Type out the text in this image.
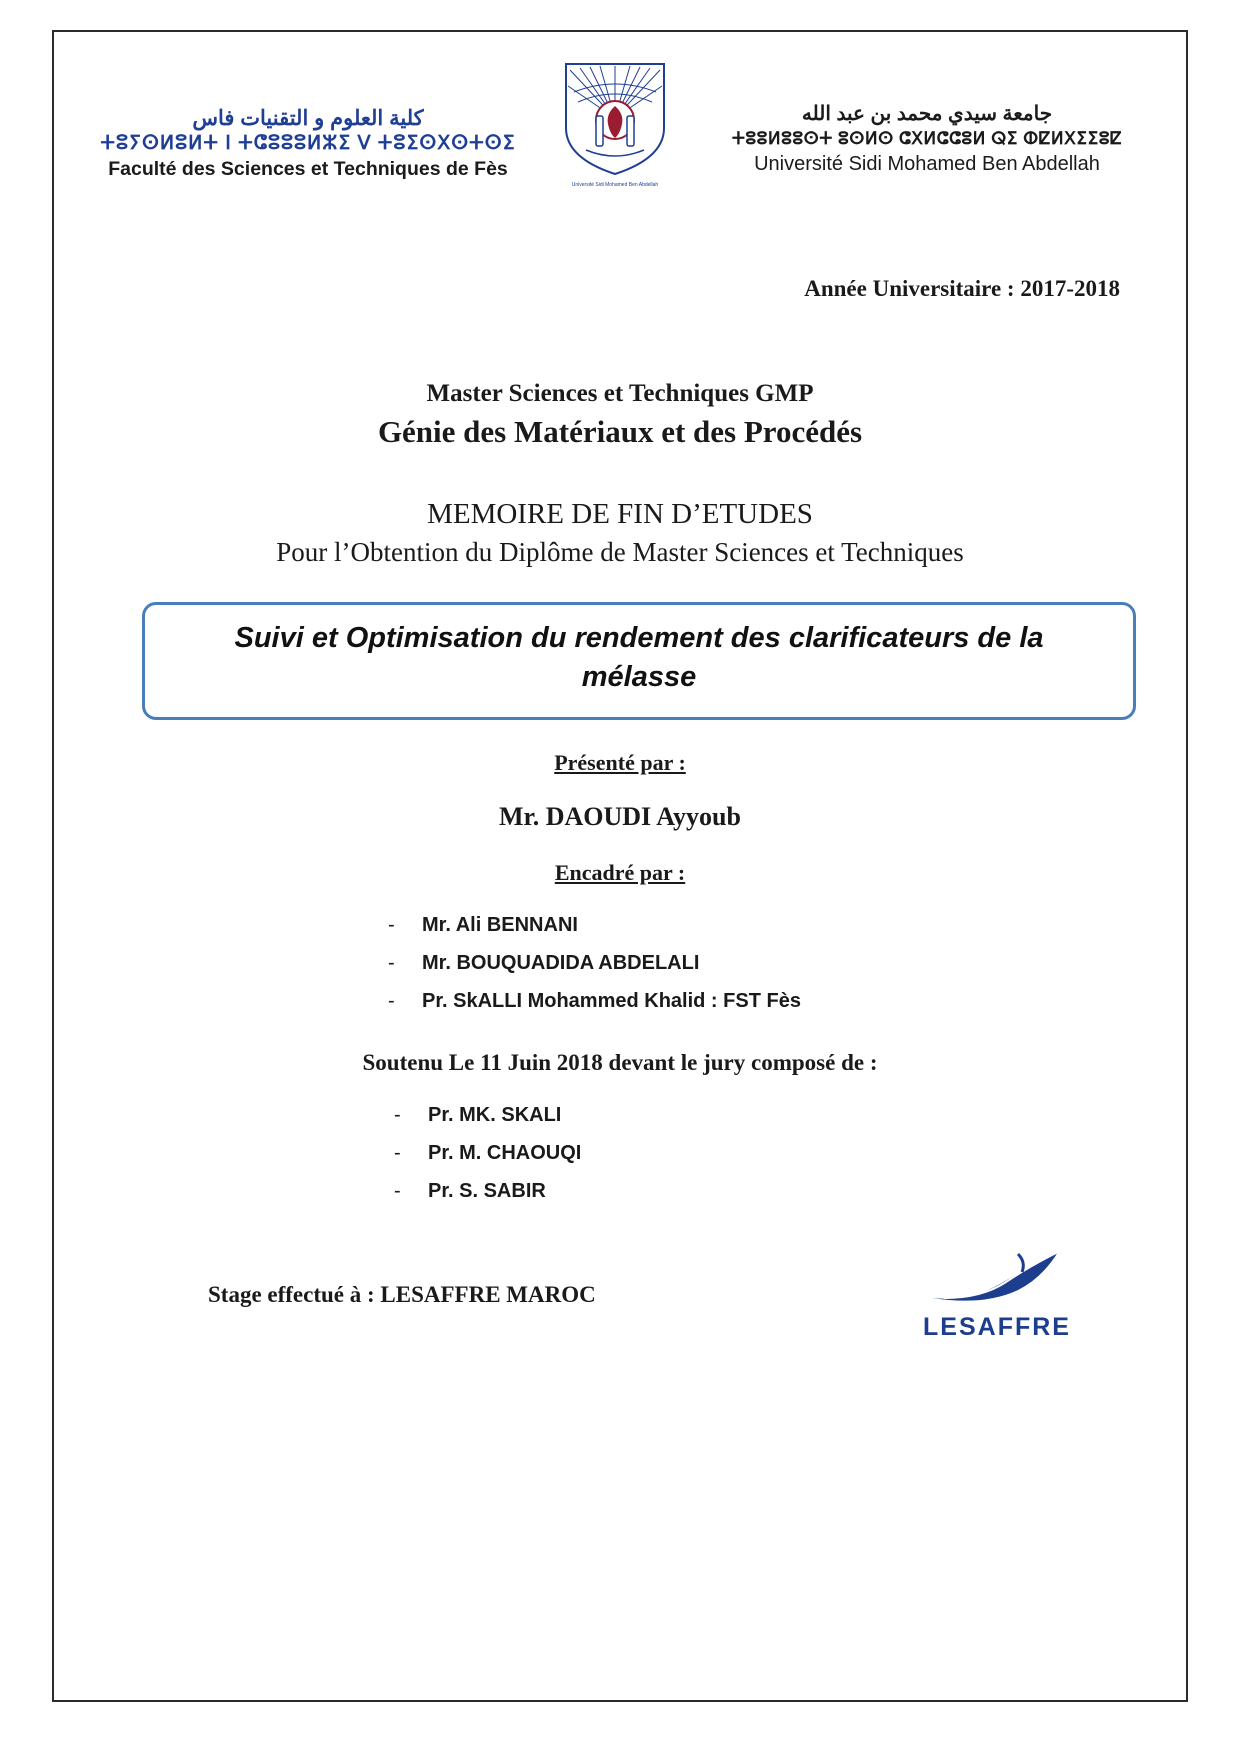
كلية العلوم و التقنيات فاس
ⵜⵓⵢⵙⵍⵓⵍⵜ Ⅰ ⵜⵛⵓⵓⵓⵍⵣⵉ Ⅴ ⵜⵓⵉⵙⵝⵙⵜⵙⵉ
Faculté des Sciences et Techniques de Fès
Université Sidi Mohamed Ben Abdellah
جامعة سيدي محمد بن عبد الله
ⵜⵓⵓⵍⵓⵓⵙⵜ ⵓⵙⵍⵙ ⵛⵝⵍⵛⵛⵓⵍ ⵕⵉ ⵀⵇⵍⵝⵉⵉⵓⵇ
Université Sidi Mohamed Ben Abdellah
Année Universitaire : 2017-2018
Master Sciences et Techniques GMP
Génie des Matériaux et des Procédés
MEMOIRE DE FIN D’ETUDES
Pour l’Obtention du Diplôme de Master Sciences et Techniques
Suivi et Optimisation du rendement des clarificateurs de la mélasse
Présenté par :
Mr. DAOUDI Ayyoub
Encadré par :
-	Mr. Ali BENNANI
-	Mr. BOUQUADIDA ABDELALI
-	Pr. SkALLI Mohammed Khalid : FST Fès
Soutenu Le 11 Juin 2018 devant le jury composé de :
-	Pr. MK. SKALI
-	Pr. M. CHAOUQI
-	Pr. S. SABIR
Stage effectué à : LESAFFRE MAROC
LESAFFRE
